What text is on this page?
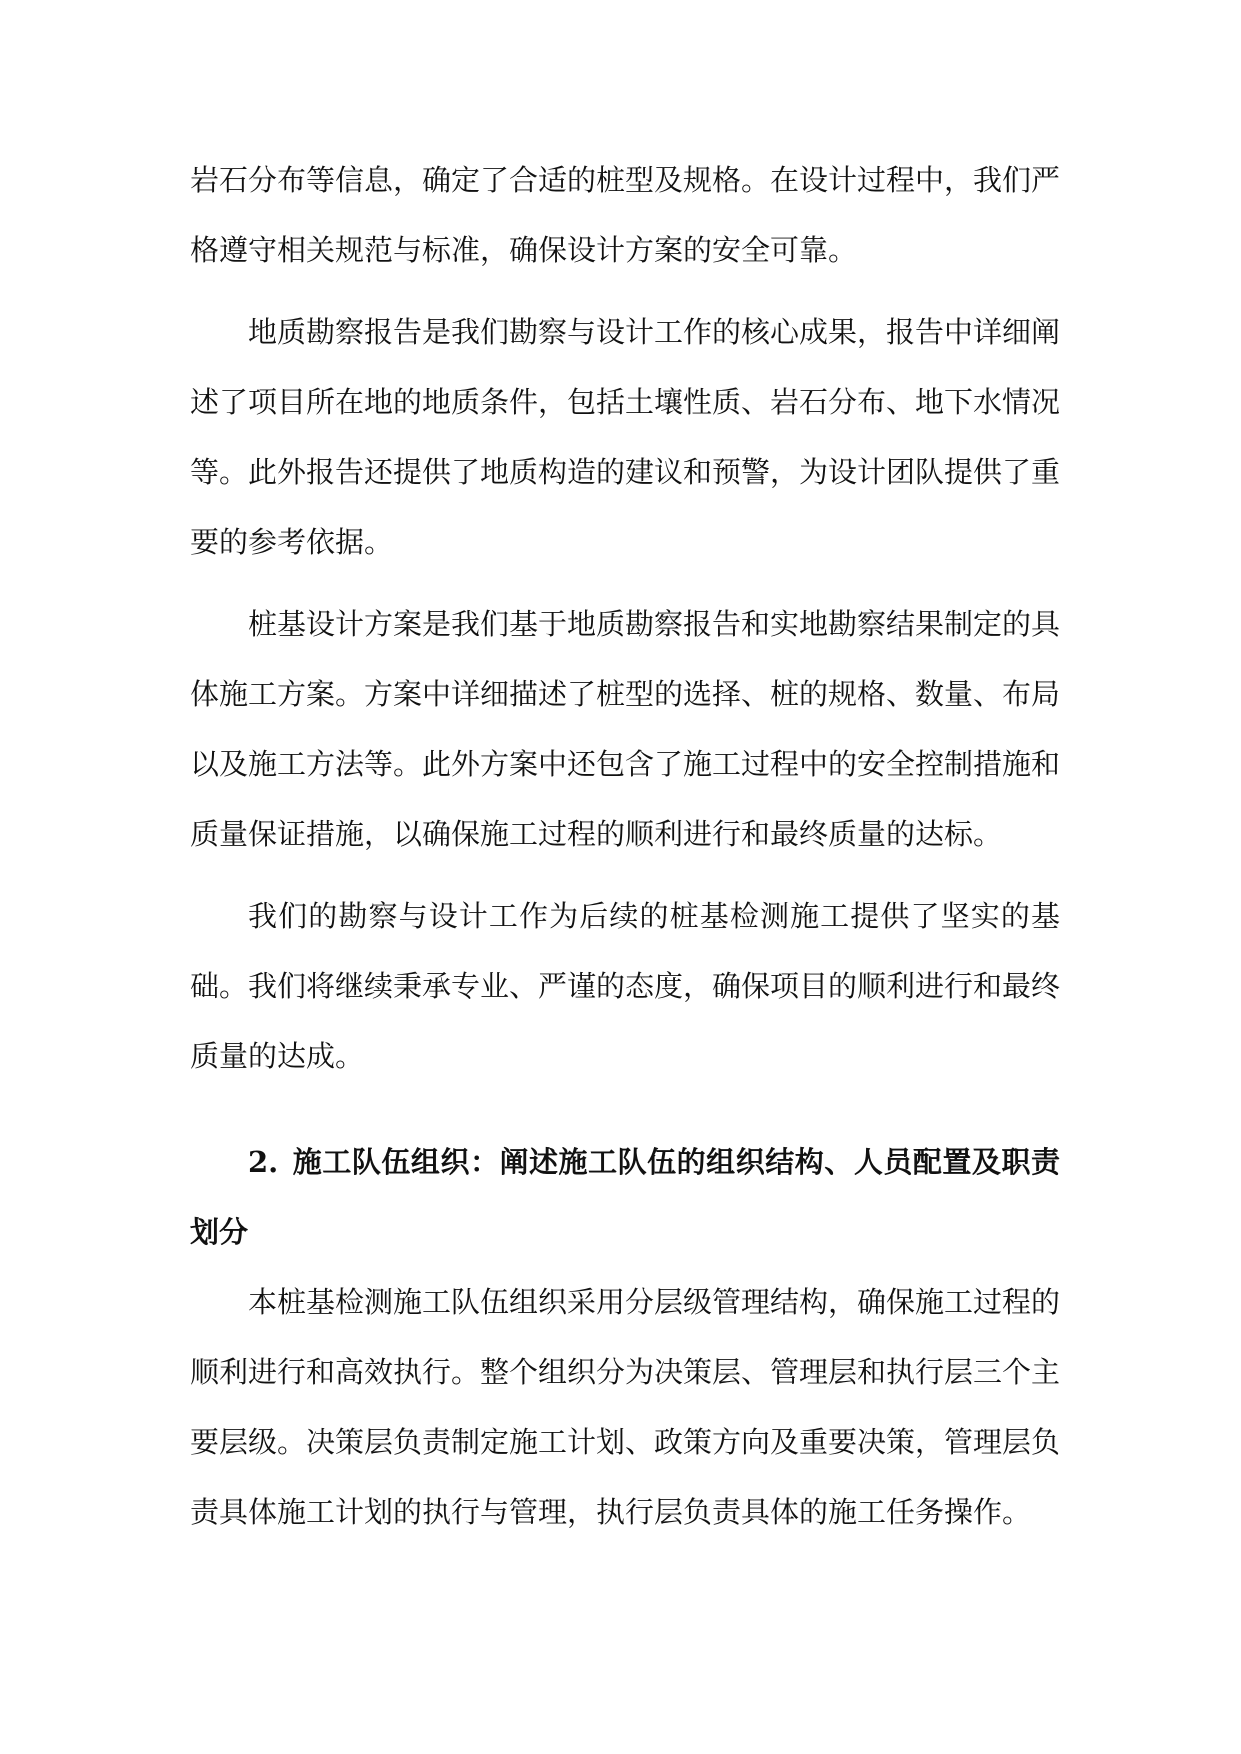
岩石分布等信息，确定了合适的桩型及规格。在设计过程中，我们严格遵守相关规范与标准，确保设计方案的安全可靠。

地质勘察报告是我们勘察与设计工作的核心成果，报告中详细阐述了项目所在地的地质条件，包括土壤性质、岩石分布、地下水情况等。此外报告还提供了地质构造的建议和预警，为设计团队提供了重要的参考依据。

桩基设计方案是我们基于地质勘察报告和实地勘察结果制定的具体施工方案。方案中详细描述了桩型的选择、桩的规格、数量、布局以及施工方法等。此外方案中还包含了施工过程中的安全控制措施和质量保证措施，以确保施工过程的顺利进行和最终质量的达标。

我们的勘察与设计工作为后续的桩基检测施工提供了坚实的基础。我们将继续秉承专业、严谨的态度，确保项目的顺利进行和最终质量的达成。

2. 施工队伍组织：阐述施工队伍的组织结构、人员配置及职责划分

本桩基检测施工队伍组织采用分层级管理结构，确保施工过程的顺利进行和高效执行。整个组织分为决策层、管理层和执行层三个主要层级。决策层负责制定施工计划、政策方向及重要决策，管理层负责具体施工计划的执行与管理，执行层负责具体的施工任务操作。
